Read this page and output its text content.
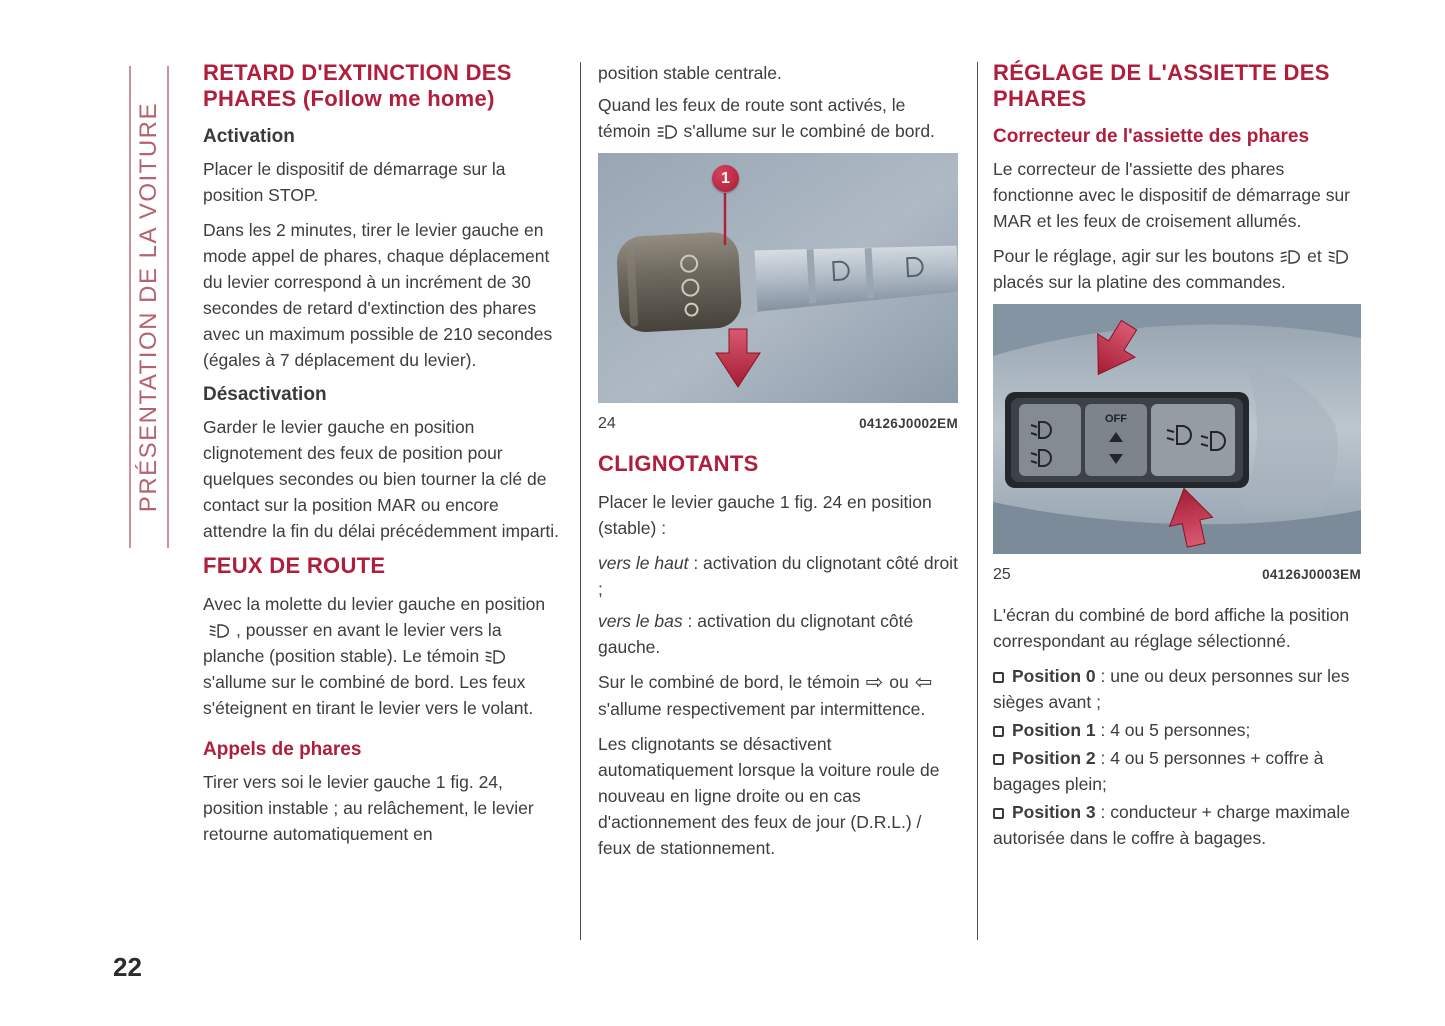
PRÉSENTATION DE LA VOITURE
22
RETARD D'EXTINCTION DES PHARES (Follow me home)
Activation

Placer le dispositif de démarrage sur la position STOP.

Dans les 2 minutes, tirer le levier gauche en mode appel de phares, chaque déplacement du levier correspond à un incrément de 30 secondes de retard d'extinction des phares avec un maximum possible de 210 secondes (égales à 7 déplacement du levier).

Désactivation

Garder le levier gauche en position clignotement des feux de position pour quelques secondes ou bien tourner la clé de contact sur la position MAR ou encore attendre la fin du délai précédemment imparti.

FEUX DE ROUTE

Avec la molette du levier gauche en position, pousser en avant le levier vers la planche (position stable). Le témoins'allume sur le combiné de bord. Les feux s'éteignent en tirant le levier vers le volant.

Appels de phares

Tirer vers soi le levier gauche 1 fig. 24, position instable ; au relâchement, le levier retourne automatiquement en

position stable centrale.

Quand les feux de route sont activés, le témoin s'allume sur le combiné de bord.

1
24	04126J0002EM
CLIGNOTANTS

Placer le levier gauche 1 fig. 24 en position (stable) :

vers le haut : activation du clignotant côté droit ;

vers le bas : activation du clignotant côté gauche.

Sur le combiné de bord, le témoin ⇨ ou ⇦s'allume respectivement par intermittence.

Les clignotants se désactivent automatiquement lorsque la voiture roule de nouveau en ligne droite ou en cas d'actionnement des feux de jour (D.R.L.) / feux de stationnement.

RÉGLAGE DE L'ASSIETTE DES PHARES
Correcteur de l'assiette des phares

Le correcteur de l'assiette des phares fonctionne avec le dispositif de démarrage sur MAR et les feux de croisement allumés.

Pour le réglage, agir sur les boutons etplacés sur la platine des commandes.

OFF
25	04126J0003EM

L'écran du combiné de bord affiche la position correspondant au réglage sélectionné.

Position 0 : une ou deux personnes sur les sièges avant ;

Position 1 : 4 ou 5 personnes;

Position 2 : 4 ou 5 personnes + coffre à bagages plein;

Position 3 : conducteur + charge maximale autorisée dans le coffre à bagages.
